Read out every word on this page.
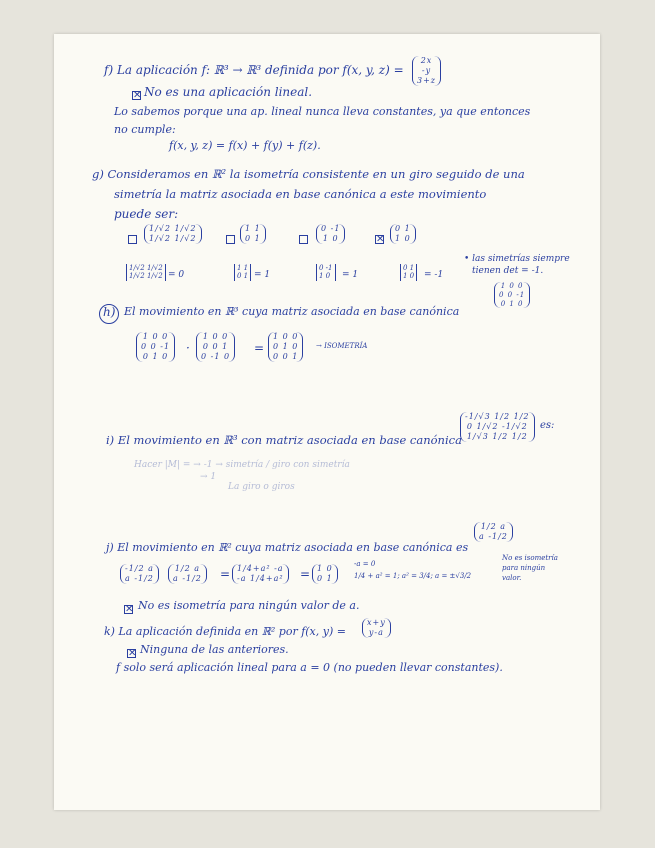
f) La aplicación f: ℝ³ → ℝ³ definida por f(x, y, z) =
2x
-y
3+z
✕ No es una aplicación lineal.
Lo sabemos porque una ap. lineal nunca lleva constantes, ya que entonces
no cumple:
f(x, y, z) = f(x) + f(y) + f(z).
g) Consideramos en ℝ² la isometría consistente en un giro seguido de una
simetría la matriz asociada en base canónica a este movimiento
puede ser:
1/√2 1/√2
1/√2 1/√2
1 1
0 1
0 -1
1 0	✕
0 1
1 0
1/√2 1/√2
1/√2 1/√2 = 0
1 1
0 1 = 1
0 -1
1 0 = 1
0 1
1 0 = -1
• las simetrías siempre
tienen det = -1.
h) El movimiento en ℝ³ cuya matriz asociada en base canónica
1 0 0
0 0 -1
0 1 0
1 0 0
0 0 -1
0 1 0
·
1 0 0
0 0 1
0 -1 0
=
1 0 0
0 1 0
0 0 1
→ ISOMETRÍA
i) El movimiento en ℝ³ con matriz asociada en base canónica
-1/√3 1/2 1/2
0 1/√2 -1/√2
1/√3 1/2 1/2
es:
Hacer |M| = → -1 → simetría / giro con simetría
→ 1
La giro o giros
j) El movimiento en ℝ² cuya matriz asociada en base canónica es
1/2 a
a -1/2
-1/2 a
a -1/2
1/2 a
a -1/2 = 1/4+a² -a
-a 1/4+a² = 1 0
0 1
-a = 0
1/4 + a² = 1; a² = 3/4; a = ±√3/2
No es isometría
para ningún
valor.
✕ No es isometría para ningún valor de a.
k) La aplicación definida en ℝ² por f(x, y) =
x+y
y-a
✕ Ninguna de las anteriores.
f solo será aplicación lineal para a = 0 (no pueden llevar constantes).
